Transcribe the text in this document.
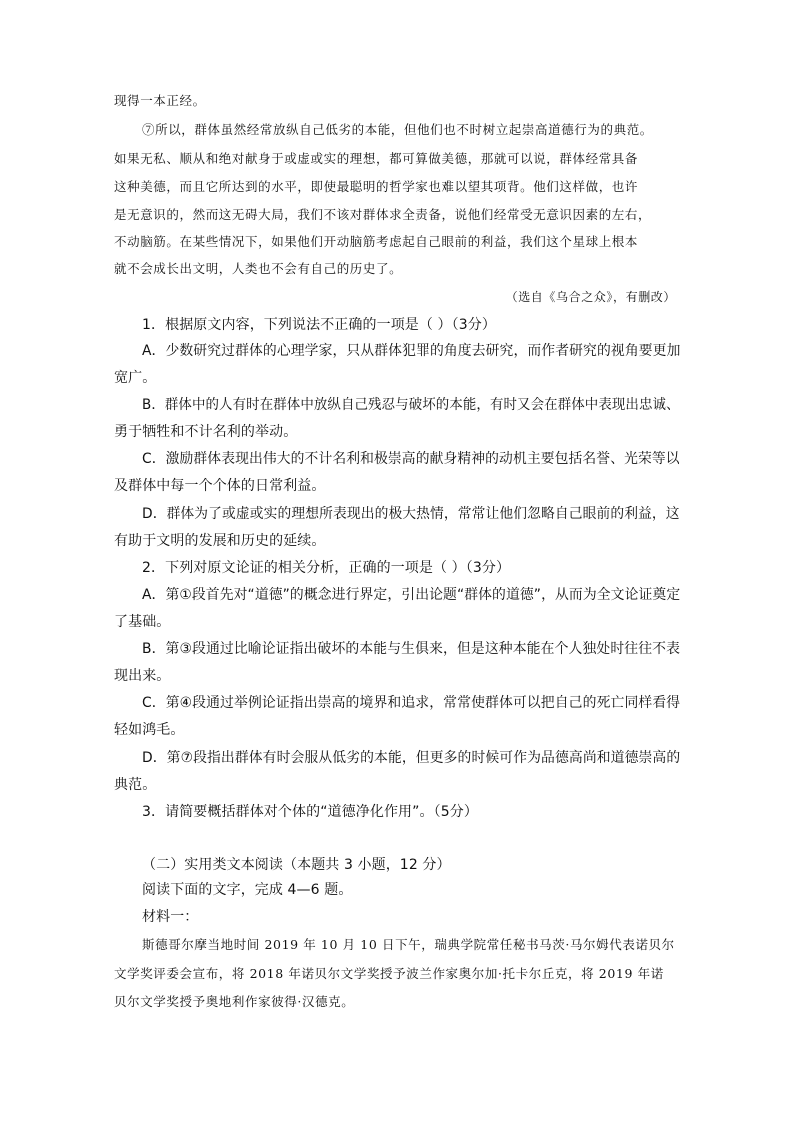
现得一本正经。
⑦所以，群体虽然经常放纵自己低劣的本能，但他们也不时树立起崇高道德行为的典范。
如果无私、顺从和绝对献身于或虚或实的理想，都可算做美德，那就可以说，群体经常具备
这种美德，而且它所达到的水平，即使最聪明的哲学家也难以望其项背。他们这样做，也许
是无意识的，然而这无碍大局，我们不该对群体求全责备，说他们经常受无意识因素的左右，
不动脑筋。在某些情况下，如果他们开动脑筋考虑起自己眼前的利益，我们这个星球上根本
就不会成长出文明，人类也不会有自己的历史了。
（选自《乌合之众》，有删改）
1．根据原文内容，下列说法不正确的一项是（ ）（3分）
A．少数研究过群体的心理学家，只从群体犯罪的角度去研究，而作者研究的视角要更加
宽广。
B．群体中的人有时在群体中放纵自己残忍与破坏的本能，有时又会在群体中表现出忠诚、
勇于牺牲和不计名利的举动。
C．激励群体表现出伟大的不计名利和极崇高的献身精神的动机主要包括名誉、光荣等以
及群体中每一个个体的日常利益。
D．群体为了或虚或实的理想所表现出的极大热情，常常让他们忽略自己眼前的利益，这
有助于文明的发展和历史的延续。
2．下列对原文论证的相关分析，正确的一项是（ ）（3分）
A．第①段首先对“道德”的概念进行界定，引出论题“群体的道德”，从而为全文论证奠定
了基础。
B．第③段通过比喻论证指出破坏的本能与生俱来，但是这种本能在个人独处时往往不表
现出来。
C．第④段通过举例论证指出崇高的境界和追求，常常使群体可以把自己的死亡同样看得
轻如鸿毛。
D．第⑦段指出群体有时会服从低劣的本能，但更多的时候可作为品德高尚和道德崇高的
典范。
3．请简要概括群体对个体的“道德净化作用”。（5分）
（二）实用类文本阅读（本题共 3 小题，12 分）
阅读下面的文字，完成 4—6 题。
材料一：
斯德哥尔摩当地时间 2019 年 10 月 10 日下午，瑞典学院常任秘书马茨·马尔姆代表诺贝尔
文学奖评委会宣布，将 2018 年诺贝尔文学奖授予波兰作家奥尔加·托卡尔丘克，将 2019 年诺
贝尔文学奖授予奥地利作家彼得·汉德克。
